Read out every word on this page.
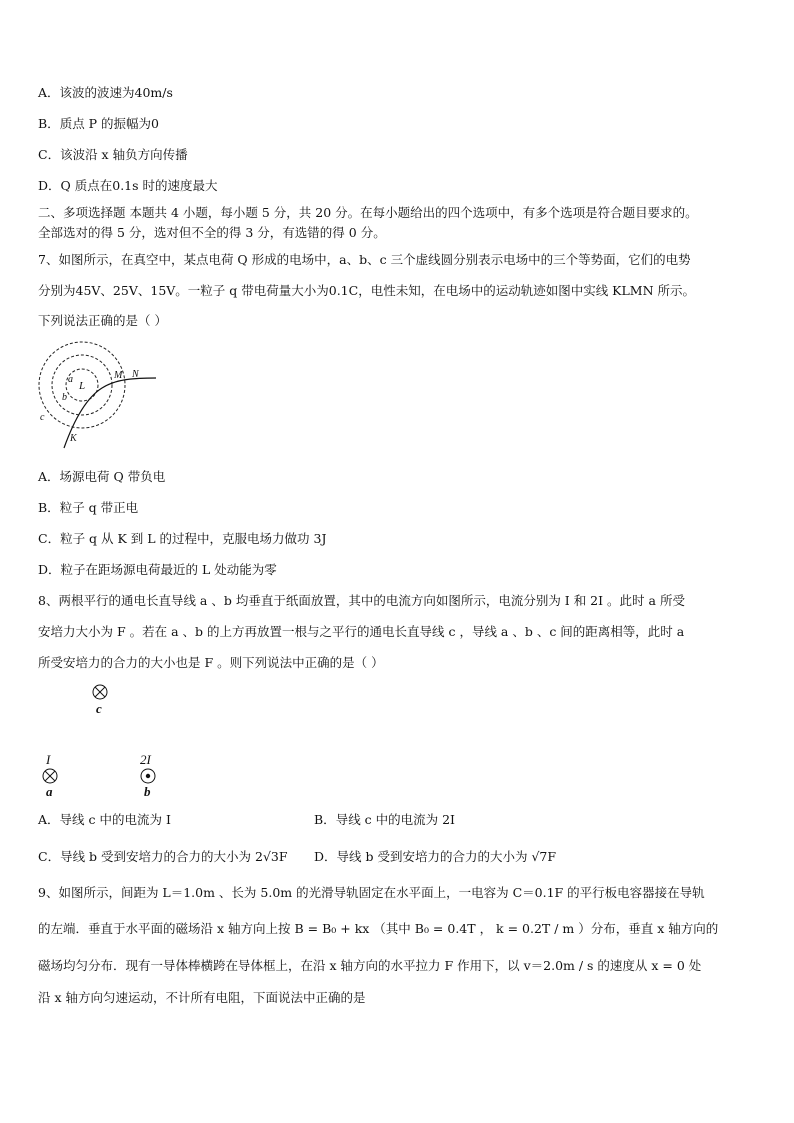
A．该波的波速为40m/s
B．质点 P 的振幅为0
C．该波沿 x 轴负方向传播
D．Q 质点在0.1s 时的速度最大
二、多项选择题 本题共 4 小题，每小题 5 分，共 20 分。在每小题给出的四个选项中，有多个选项是符合题目要求的。
全部选对的得 5 分，选对但不全的得 3 分，有选错的得 0 分。
7、如图所示，在真空中，某点电荷 Q 形成的电场中，a、b、c 三个虚线圆分别表示电场中的三个等势面，它们的电势
分别为45V、25V、15V。一粒子 q 带电荷量大小为0.1C，电性未知，在电场中的运动轨迹如图中实线 KLMN 所示。
下列说法正确的是（ ）
a
L
b
M N
c
K
A．场源电荷 Q 带负电
B．粒子 q 带正电
C．粒子 q 从 K 到 L 的过程中，克服电场力做功 3J
D．粒子在距场源电荷最近的 L 处动能为零
8、两根平行的通电长直导线 a 、b 均垂直于纸面放置，其中的电流方向如图所示，电流分别为 I 和 2I 。此时 a 所受
安培力大小为 F 。若在 a 、b 的上方再放置一根与之平行的通电长直导线 c ，导线 a 、b 、c 间的距离相等，此时 a
所受安培力的合力的大小也是 F 。则下列说法中正确的是（ ）
c
I
a
2I
b
A．导线 c 中的电流为 I	B．导线 c 中的电流为 2I
C．导线 b 受到安培力的合力的大小为 2√3F D．导线 b 受到安培力的合力的大小为 √7F
9、如图所示，间距为 L＝1.0m 、长为 5.0m 的光滑导轨固定在水平面上，一电容为 C＝0.1F 的平行板电容器接在导轨
的左端．垂直于水平面的磁场沿 x 轴方向上按 B = B₀ + kx （其中 B₀ = 0.4T ， k = 0.2T / m ）分布，垂直 x 轴方向的
磁场均匀分布．现有一导体棒横跨在导体框上，在沿 x 轴方向的水平拉力 F 作用下，以 v＝2.0m / s 的速度从 x = 0 处
沿 x 轴方向匀速运动，不计所有电阻，下面说法中正确的是
